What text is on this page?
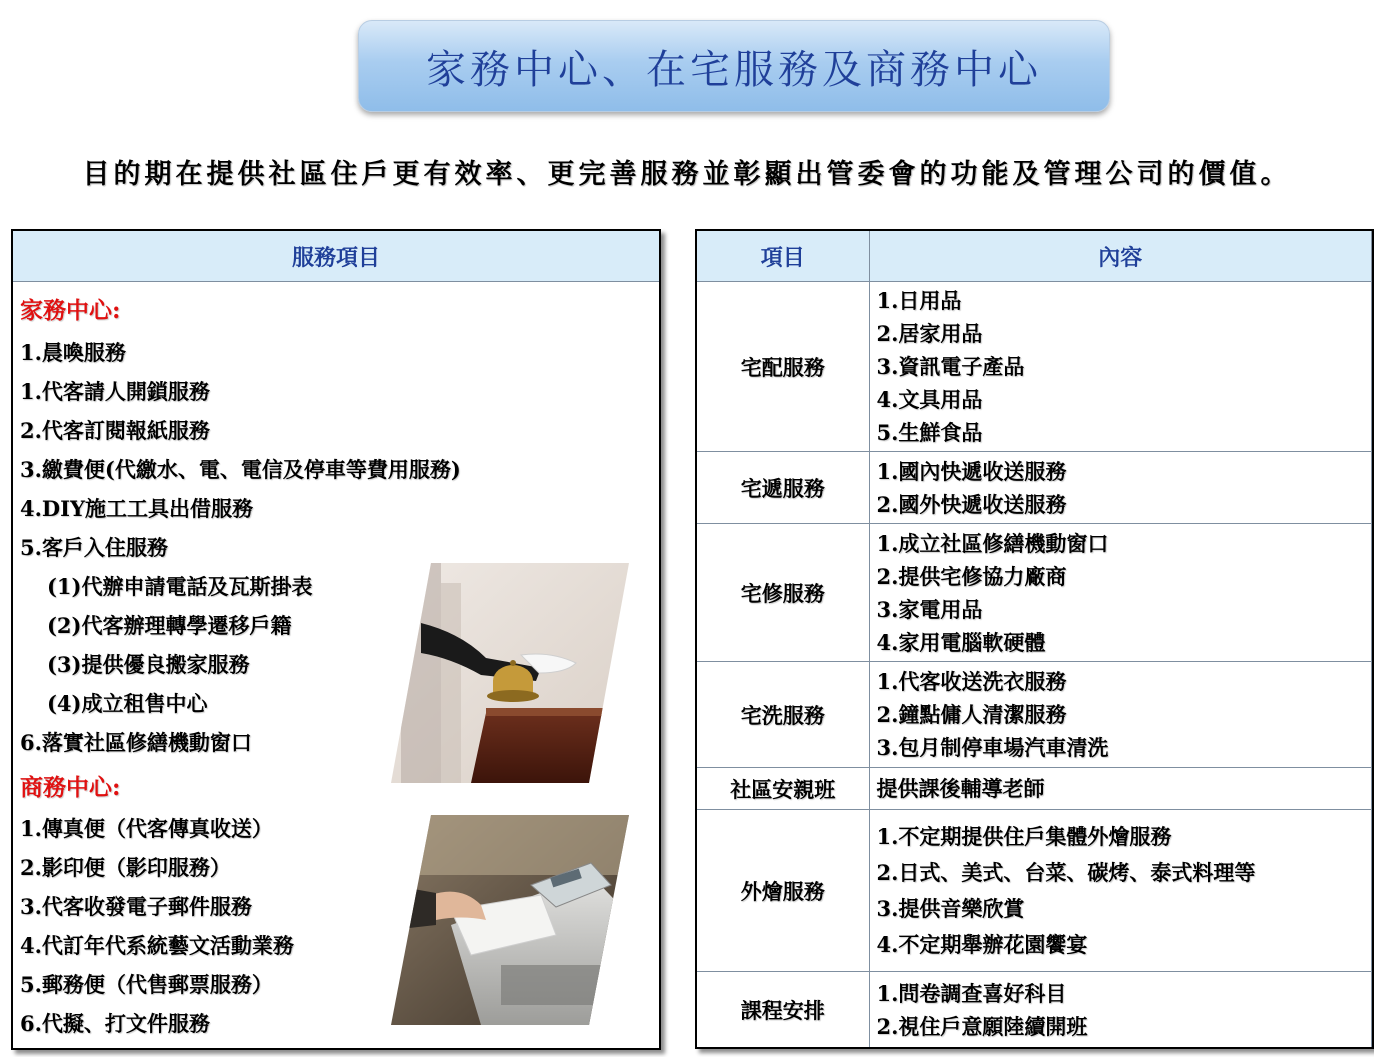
家務中心、在宅服務及商務中心
目的期在提供社區住戶更有效率、更完善服務並彰顯出管委會的功能及管理公司的價值。
服務項目
家務中心:
1.晨喚服務
1.代客請人開鎖服務
2.代客訂閱報紙服務
3.繳費便(代繳水、電、電信及停車等費用服務)
4.DIY施工工具出借服務
5.客戶入住服務
(1)代辦申請電話及瓦斯掛表
(2)代客辦理轉學遷移戶籍
(3)提供優良搬家服務
(4)成立租售中心
6.落實社區修繕機動窗口
商務中心:
1.傳真便（代客傳真收送）
2.影印便（影印服務）
3.代客收發電子郵件服務
4.代訂年代系統藝文活動業務
5.郵務便（代售郵票服務）
6.代擬、打文件服務
項目	內容
宅配服務	1.日用品
2.居家用品
3.資訊電子產品
4.文具用品
5.生鮮食品

宅遞服務	1.國內快遞收送服務
2.國外快遞收送服務

宅修服務	1.成立社區修繕機動窗口
2.提供宅修協力廠商
3.家電用品
4.家用電腦軟硬體

宅洗服務	1.代客收送洗衣服務
2.鐘點傭人清潔服務
3.包月制停車場汽車清洗

社區安親班	提供課後輔導老師

外燴服務	1.不定期提供住戶集體外燴服務
2.日式、美式、台菜、碳烤、泰式料理等
3.提供音樂欣賞
4.不定期舉辦花園饗宴

課程安排	1.問卷調查喜好科目
2.視住戶意願陸續開班
